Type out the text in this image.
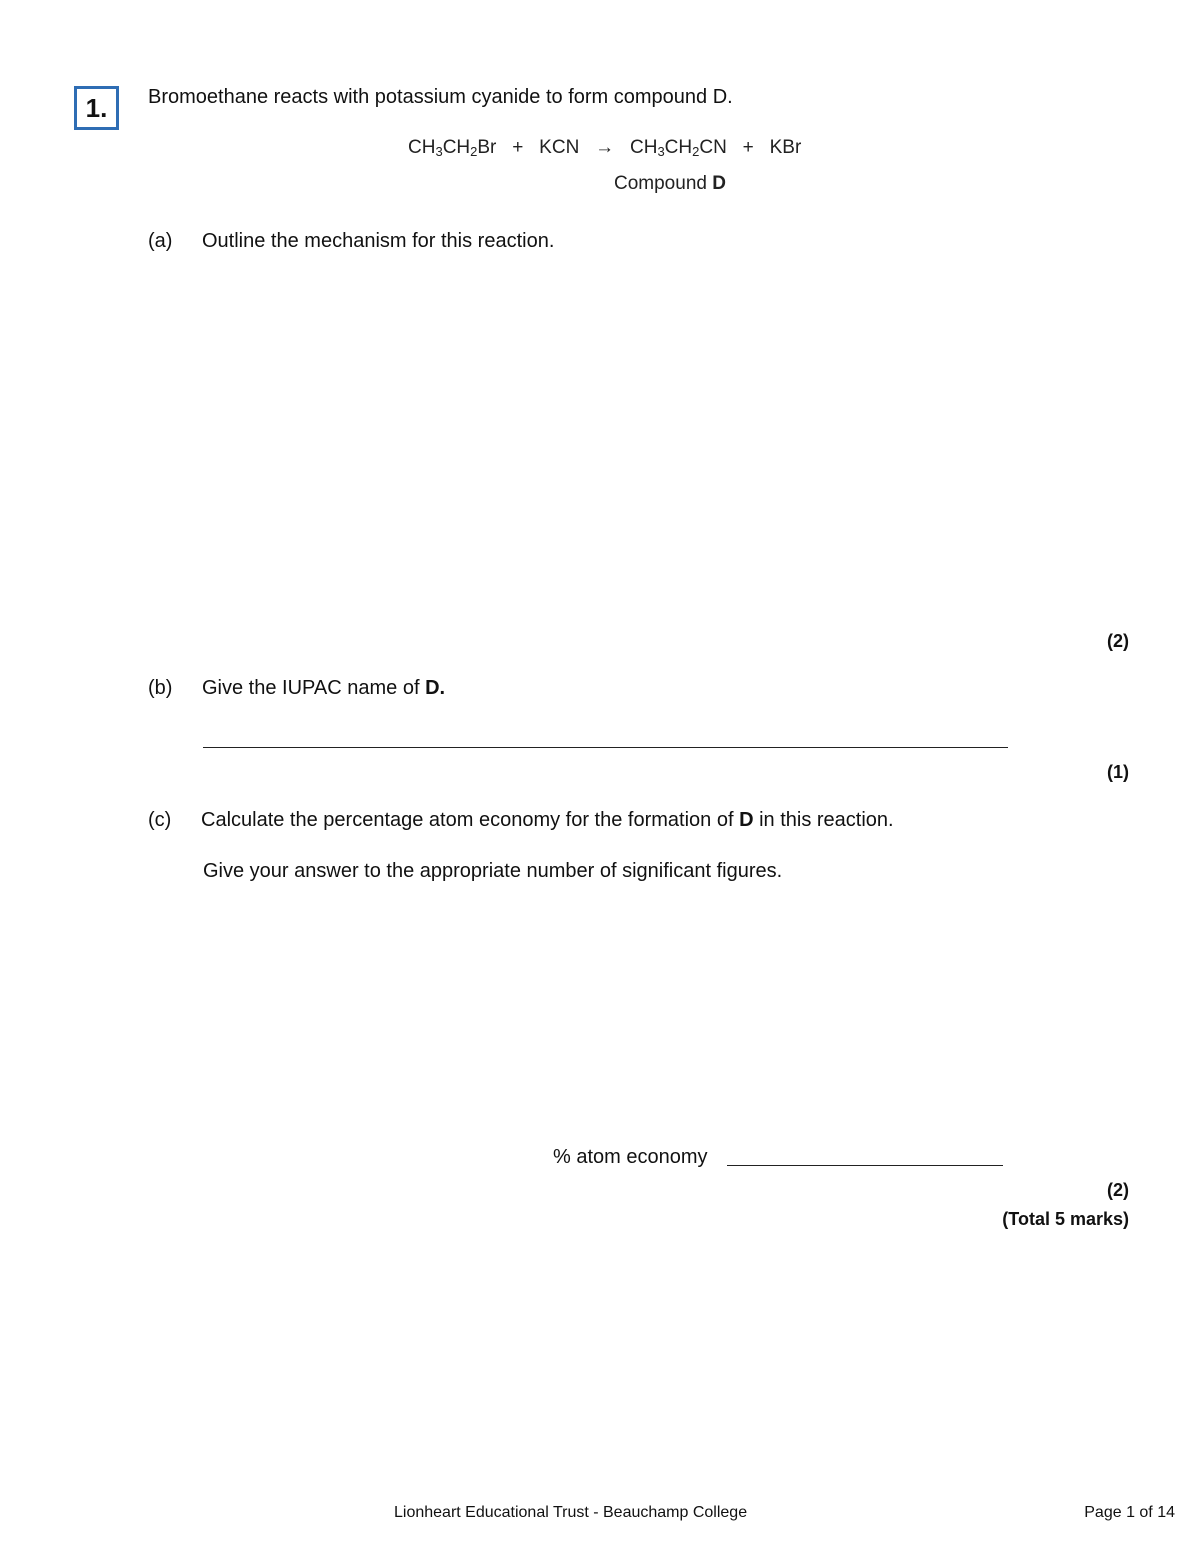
1. Bromoethane reacts with potassium cyanide to form compound D.
$CH_3CH_2Br$ + KCN → $CH_3CH_2CN$ + KBr
Compound D
(a) Outline the mechanism for this reaction.
(2)
(b) Give the IUPAC name of D.
(1)
(c) Calculate the percentage atom economy for the formation of D in this reaction.
Give your answer to the appropriate number of significant figures.
% atom economy
(2)
(Total 5 marks)
Lionheart Educational Trust - Beauchamp College	Page 1 of 14
